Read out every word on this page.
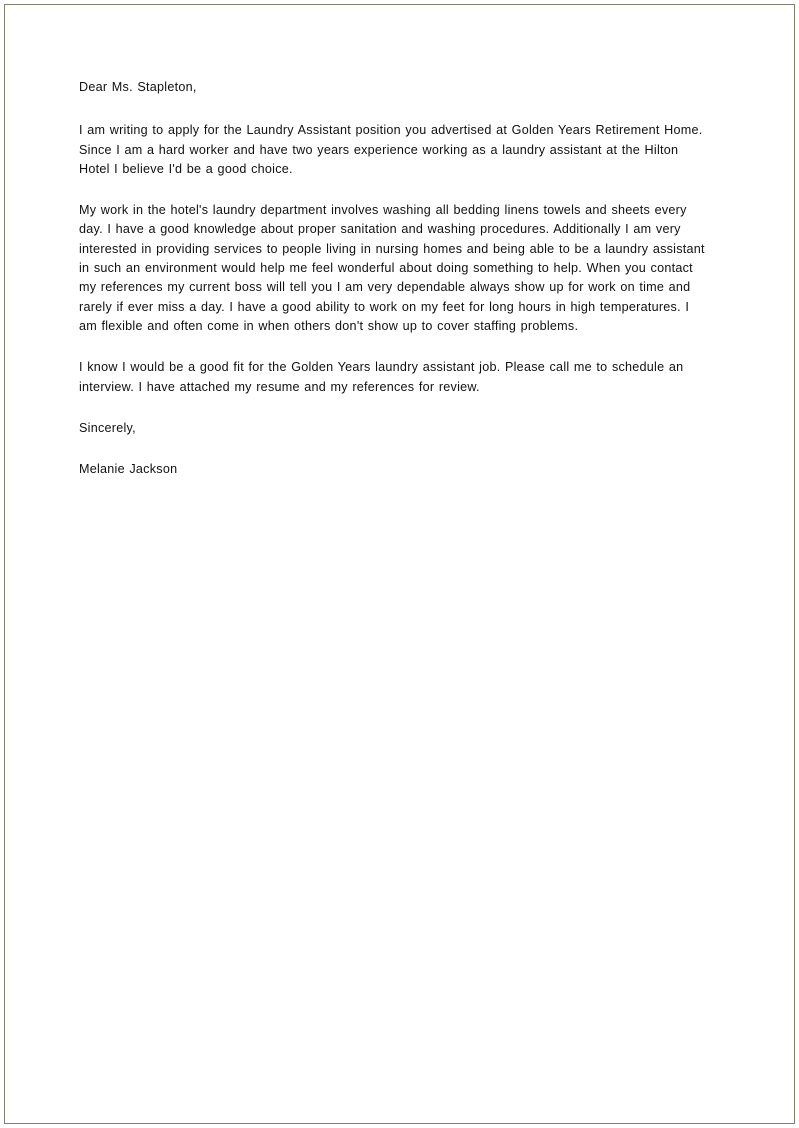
Dear Ms. Stapleton,

I am writing to apply for the Laundry Assistant position you advertised at Golden Years Retirement Home. Since I am a hard worker and have two years experience working as a laundry assistant at the Hilton Hotel I believe I'd be a good choice.

My work in the hotel's laundry department involves washing all bedding linens towels and sheets every day. I have a good knowledge about proper sanitation and washing procedures. Additionally I am very interested in providing services to people living in nursing homes and being able to be a laundry assistant in such an environment would help me feel wonderful about doing something to help. When you contact my references my current boss will tell you I am very dependable always show up for work on time and rarely if ever miss a day. I have a good ability to work on my feet for long hours in high temperatures. I am flexible and often come in when others don't show up to cover staffing problems.

I know I would be a good fit for the Golden Years laundry assistant job. Please call me to schedule an interview. I have attached my resume and my references for review.

Sincerely,

Melanie Jackson
